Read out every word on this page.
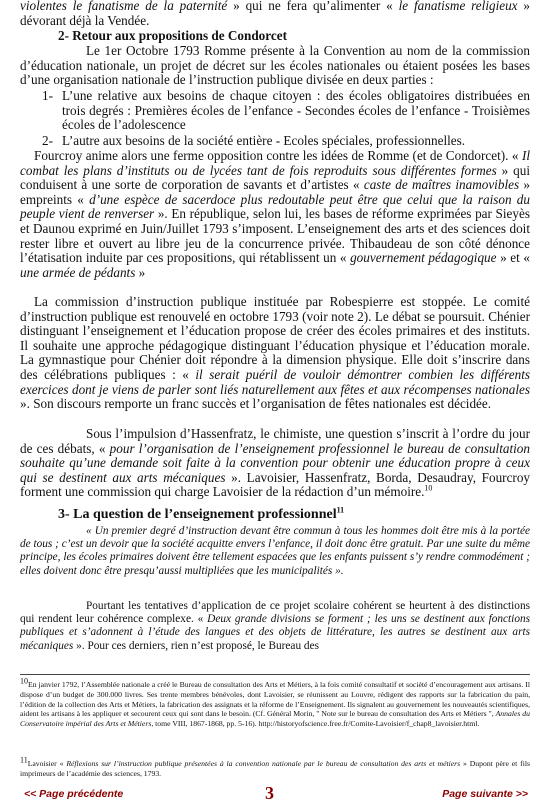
violentes le fanatisme de la paternité » qui ne fera qu’alimenter « le fanatisme religieux » dévorant déjà la Vendée.

2- Retour aux propositions de Condorcet

Le 1er Octobre 1793 Romme présente à la Convention au nom de la commission d’éducation nationale, un projet de décret sur les écoles nationales ou étaient posées les bases d’une organisation nationale de l’instruction publique divisée en deux parties :

1- L’une relative aux besoins de chaque citoyen : des écoles obligatoires distribuées en trois degrés : Premières écoles de l’enfance - Secondes écoles de l’enfance - Troisièmes écoles de l’adolescence
2- L’autre aux besoins de la société entière - Ecoles spéciales, professionnelles.

Fourcroy anime alors une ferme opposition contre les idées de Romme (et de Condorcet). « Il combat les plans d’instituts ou de lycées tant de fois reproduits sous différentes formes » qui conduisent à une sorte de corporation de savants et d’artistes « caste de maîtres inamovibles » empreints « d’une espèce de sacerdoce plus redoutable peut être que celui que la raison du peuple vient de renverser ». En république, selon lui, les bases de réforme exprimées par Sieyès et Daunou exprimé en Juin/Juillet 1793 s’imposent. L’enseignement des arts et des sciences doit rester libre et ouvert au libre jeu de la concurrence privée. Thibaudeau de son côté dénonce l’étatisation induite par ces propositions, qui rétablissent un « gouvernement pédagogique » et « une armée de pédants »

La commission d’instruction publique instituée par Robespierre est stoppée. Le comité d’instruction publique est renouvelé en octobre 1793 (voir note 2). Le débat se poursuit. Chénier distinguant l’enseignement et l’éducation propose de créer des écoles primaires et des instituts. Il souhaite une approche pédagogique distinguant l’éducation physique et l’éducation morale. La gymnastique pour Chénier doit répondre à la dimension physique. Elle doit s’inscrire dans des célébrations publiques : « il serait puéril de vouloir démontrer combien les différents exercices dont je viens de parler sont liés naturellement aux fêtes et aux récompenses nationales ». Son discours remporte un franc succès et l’organisation de fêtes nationales est décidée.

Sous l’impulsion d’Hassenfratz, le chimiste, une question s’inscrit à l’ordre du jour de ces débats, « pour l’organisation de l’enseignement professionnel le bureau de consultation souhaite qu’une demande soit faite à la convention pour obtenir une éducation propre à ceux qui se destinent aux arts mécaniques ». Lavoisier, Hassenfratz, Borda, Desaudray, Fourcroy forment une commission qui charge Lavoisier de la rédaction d’un mémoire.$^{10}$

3- La question de l’enseignement professionnel$^{11}$

« Un premier degré d’instruction devant être commun à tous les hommes doit être mis à la portée de tous ; c’est un devoir que la société acquitte envers l’enfance, il doit donc être gratuit. Par une suite du même principe, les écoles primaires doivent être tellement espacées que les enfants puissent s’y rendre commodément ; elles doivent donc être presqu’aussi multipliées que les municipalités ».

Pourtant les tentatives d’application de ce projet scolaire cohérent se heurtent à des distinctions qui rendent leur cohérence complexe. « Deux grande divisions se forment ; les uns se destinent aux fonctions publiques et s’adonnent à l’étude des langues et des objets de littérature, les autres se destinent aux arts mécaniques ». Pour ces derniers, rien n’est proposé, le Bureau des

$^{10}$En janvier 1792, l’Assemblée nationale a créé le Bureau de consultation des Arts et Métiers, à la fois comité consultatif et société d’encouragement aux artisans. Il dispose d’un budget de 300.000 livres. Ses trente membres bénévoles, dont Lavoisier, se réunissent au Louvre, rédigent des rapports sur la fabrication du pain, l’édition de la collection des Arts et Métiers, la fabrication des assignats et la réforme de l’Enseignement. Ils signalent au gouvernement les nouveautés scientifiques, aident les artisans à les appliquer et secourent ceux qui sont dans le besoin. (Cf. Général Morin, " Note sur le bureau de consultation des Arts et Métiers ", Annales du Conservatoire impérial des Arts et Métiers, tome VIII, 1867-1868, pp. 5-16). http://historyofscience.free.fr/Comite-Lavoisier/f_chap8_lavoisier.html.

$^{11}$Lavoisier « Réflexions sur l’instruction publique présentées à la convention nationale par le bureau de consultation des arts et métiers » Dupont père et fils imprimeurs de l’académie des sciences, 1793.

<< Page précédente	3	Page suivante >>
